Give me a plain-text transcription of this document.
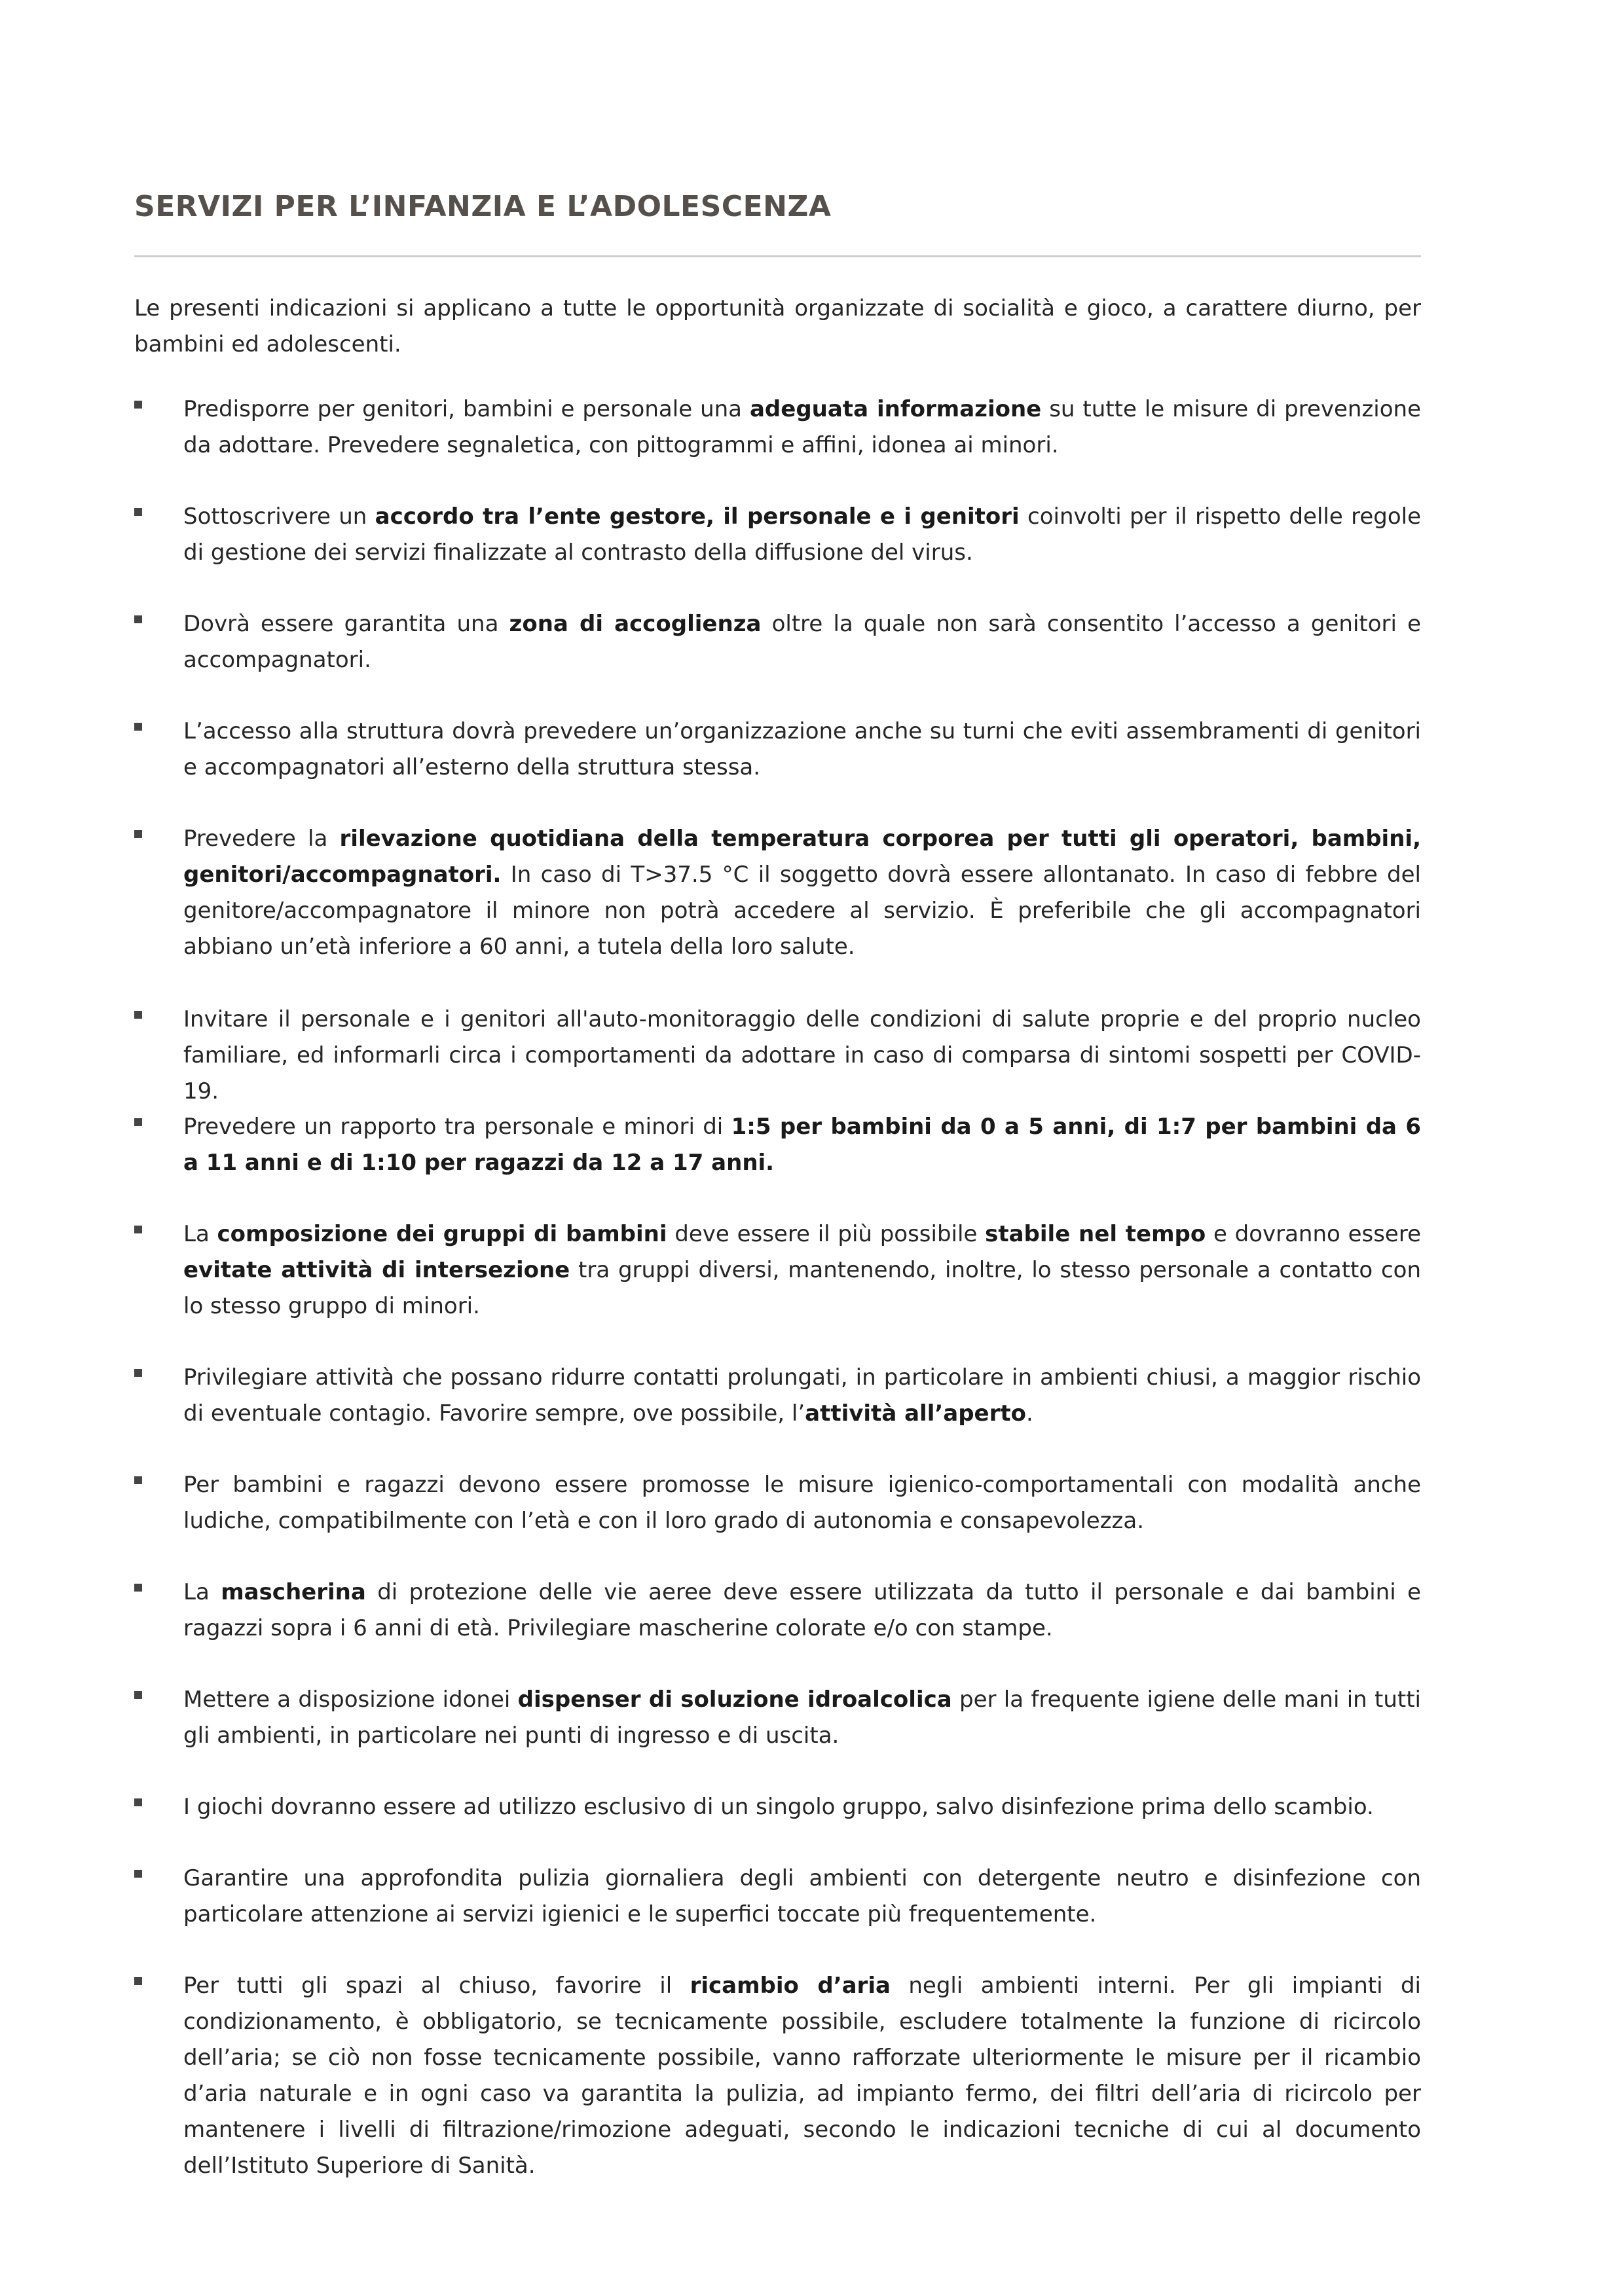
SERVIZI PER L’INFANZIA E L’ADOLESCENZA

Le presenti indicazioni si applicano a tutte le opportunità organizzate di socialità e gioco, a carattere diurno, per bambini ed adolescenti.

Predisporre per genitori, bambini e personale una adeguata informazione su tutte le misure di prevenzione da adottare. Prevedere segnaletica, con pittogrammi e affini, idonea ai minori.

Sottoscrivere un accordo tra l’ente gestore, il personale e i genitori coinvolti per il rispetto delle regole di gestione dei servizi finalizzate al contrasto della diffusione del virus.

Dovrà essere garantita una zona di accoglienza oltre la quale non sarà consentito l’accesso a genitori e accompagnatori.

L’accesso alla struttura dovrà prevedere un’organizzazione anche su turni che eviti assembramenti di genitori e accompagnatori all’esterno della struttura stessa.

Prevedere la rilevazione quotidiana della temperatura corporea per tutti gli operatori, bambini, genitori/accompagnatori. In caso di T>37.5 °C il soggetto dovrà essere allontanato. In caso di febbre del genitore/accompagnatore il minore non potrà accedere al servizio. È preferibile che gli accompagnatori abbiano un’età inferiore a 60 anni, a tutela della loro salute.

Invitare il personale e i genitori all'auto-monitoraggio delle condizioni di salute proprie e del proprio nucleo familiare, ed informarli circa i comportamenti da adottare in caso di comparsa di sintomi sospetti per COVID-19.

Prevedere un rapporto tra personale e minori di 1:5 per bambini da 0 a 5 anni, di 1:7 per bambini da 6 a 11 anni e di 1:10 per ragazzi da 12 a 17 anni.

La composizione dei gruppi di bambini deve essere il più possibile stabile nel tempo e dovranno essere evitate attività di intersezione tra gruppi diversi, mantenendo, inoltre, lo stesso personale a contatto con lo stesso gruppo di minori.

Privilegiare attività che possano ridurre contatti prolungati, in particolare in ambienti chiusi, a maggior rischio di eventuale contagio. Favorire sempre, ove possibile, l’attività all’aperto.

Per bambini e ragazzi devono essere promosse le misure igienico-comportamentali con modalità anche ludiche, compatibilmente con l’età e con il loro grado di autonomia e consapevolezza.

La mascherina di protezione delle vie aeree deve essere utilizzata da tutto il personale e dai bambini e ragazzi sopra i 6 anni di età. Privilegiare mascherine colorate e/o con stampe.

Mettere a disposizione idonei dispenser di soluzione idroalcolica per la frequente igiene delle mani in tutti gli ambienti, in particolare nei punti di ingresso e di uscita.

I giochi dovranno essere ad utilizzo esclusivo di un singolo gruppo, salvo disinfezione prima dello scambio.

Garantire una approfondita pulizia giornaliera degli ambienti con detergente neutro e disinfezione con particolare attenzione ai servizi igienici e le superfici toccate più frequentemente.

Per tutti gli spazi al chiuso, favorire il ricambio d’aria negli ambienti interni. Per gli impianti di condizionamento, è obbligatorio, se tecnicamente possibile, escludere totalmente la funzione di ricircolo dell’aria; se ciò non fosse tecnicamente possibile, vanno rafforzate ulteriormente le misure per il ricambio d’aria naturale e in ogni caso va garantita la pulizia, ad impianto fermo, dei filtri dell’aria di ricircolo per mantenere i livelli di filtrazione/rimozione adeguati, secondo le indicazioni tecniche di cui al documento dell’Istituto Superiore di Sanità.
